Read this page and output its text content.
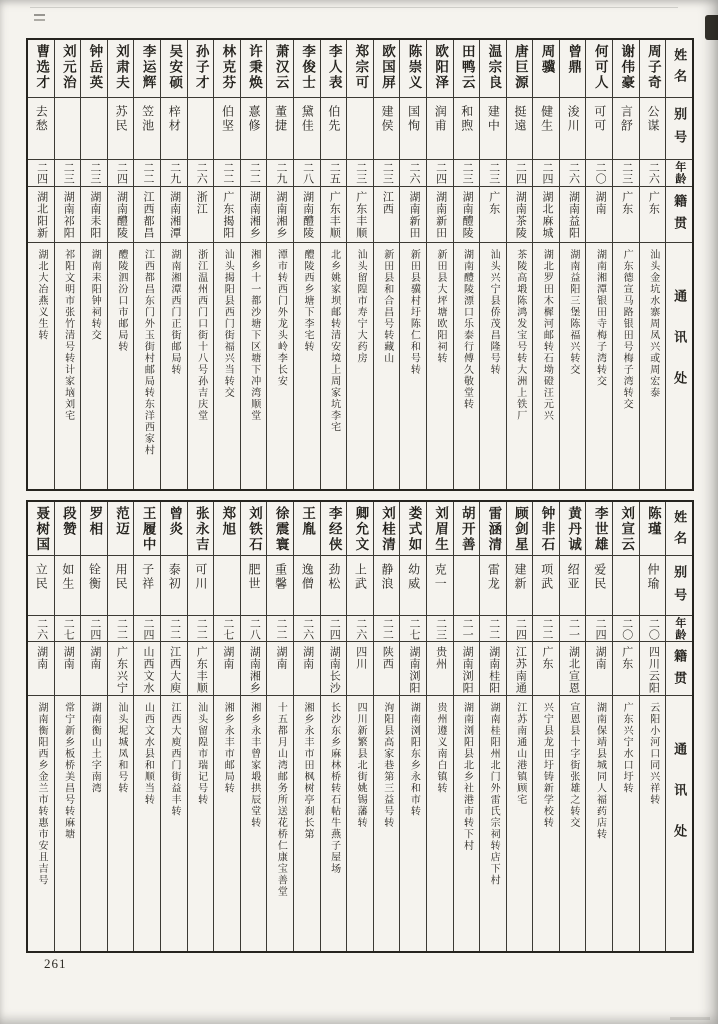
曹选才
去愁
二四
湖北阳新
湖北大冶燕义生转
刘元治
二三
湖南祁阳
祁阳文明市张竹清号转计家垴刘宅
钟岳英
二三
湖南耒阳
湖南耒阳钟祠转交
刘肃夫
苏民
二四
湖南醴陵
醴陵泗汾口市邮局转
李运辉
笠池
二二
江西都昌
江西都昌东门外玉街村邮局转东洋西家村
吴安硕
梓材
二九
湖南湘潭
湖南湘潭西门正街邮局转
孙子才
二六
浙江
浙江温州西门口街十八号孙吉庆堂
林克芬
伯坚
二二
广东揭阳
汕头揭阳县西门街福兴当转交
许秉焕
憙修
二二
湖南湘乡
湘乡十一都沙塘下区塘下冲湾顺堂
萧汉云
董捷
二九
湖南湘乡
潭市转西门外龙头岭李长安
李俊士
黛佳
二八
湖南醴陵
醴陵西乡塘下李宅转
李人表
伯先
二五
广东丰顺
北乡姚家坝邮转清安境上周家坑李宅
郑宗可
二三
广东丰顺
汕头留隍市寿宁大药房
欧国屏
建侯
二三
江西
新田县和合昌号转藏山
陈崇义
国恂
二六
湖南新田
新田县骥村圩陈仁和号转
欧阳泽
润甫
二四
湖南新田
新田县大坪塘欧阳祠转
田鸭云
和煦
二三
湖南醴陵
湖南醴陵漂口乐泰行傅久敬堂转
温宗良
建中
二三
广东
汕头兴宁县侨茂昌隆号转
唐巨源
挺遠
二四
湖南茶陵
茶陵高塅陈鸿发宝号转大洲上铁厂
周骥
健生
二四
湖北麻城
湖北罗田木樨河邮转石坳磴汪元兴
曾鼎
浚川
二六
湖南益阳
湖南益阳三堡陈福兴转交
何可人
可可
二〇
湖南
湖南湘潭银田寺梅子湾转交
谢伟豪
言舒
二三
广东
广东德宣马路银田号梅子湾转交
周子奇
公谋
二六
广东
汕头金坑水寨周凤兴或周宏泰
姓名
别号
年龄
籍贯
通讯处
聂树国
立民
二六
湖南
湖南衡阳西乡金兰市转惠市安且吉号
段赞
如生
二七
湖南
常宁新乡板桥美昌号转麻塘
罗相
铨衡
二四
湖南
湖南衡山土字南湾
范迈
用民
二二
广东兴宁
汕头坭城凤和号转
王履中
子祥
二四
山西文水
山西文水县和顺当转
曾炎
泰初
二二
江西大庾
江西大庾西门街益丰转
张永吉
可川
二二
广东丰顺
汕头留隍市瑞记号转
郑旭
二七
湖南
湘乡永丰市邮局转
刘铁石
肥世
二八
湖南湘乡
湘乡永丰曾家塅拱辰堂转
徐震寰
重馨
二二
湖南
十五都月山湾邮务所送花桥仁康宝善堂
王胤
逸僧
二六
湖南
湘乡永丰市田枫树亭刹长第
李经侠
劲松
二四
湖南长沙
长沙东乡麻林桥转石帖牛燕子屋场
卿允文
上武
二六
四川
四川新繁县北街姚锡藩转
刘桂清
静浪
二二
陕西
洵阳县高家巷第三益号转
娄式如
幼威
二七
湖南浏阳
湖南浏阳东乡永和市转
刘眉生
克一
二三
贵州
贵州遵义南白镇转
胡开善
二一
湖南浏阳
湖南浏阳县北乡社港市转下村
雷涵清
雷龙
二二
湖南桂阳
湖南桂阳州北门外雷氏宗祠转店下村
顾剑星
建新
二四
江苏南通
江苏南通山港镇顾宅
钟非石
项武
二二
广东
兴宁县龙田圩铸新学校转
黄丹诚
绍亚
二一
湖北宣恩
宣恩县十字街张雄之转交
李世雄
爱民
二四
湖南
湖南保靖县城同人福药店转
刘宣云
二〇
广东
广东兴宁水口圩转
陈瑾
仲瑜
二〇
四川云阳
云阳小河口同兴祥转
姓名
别号
年龄
籍贯
通讯处
261
